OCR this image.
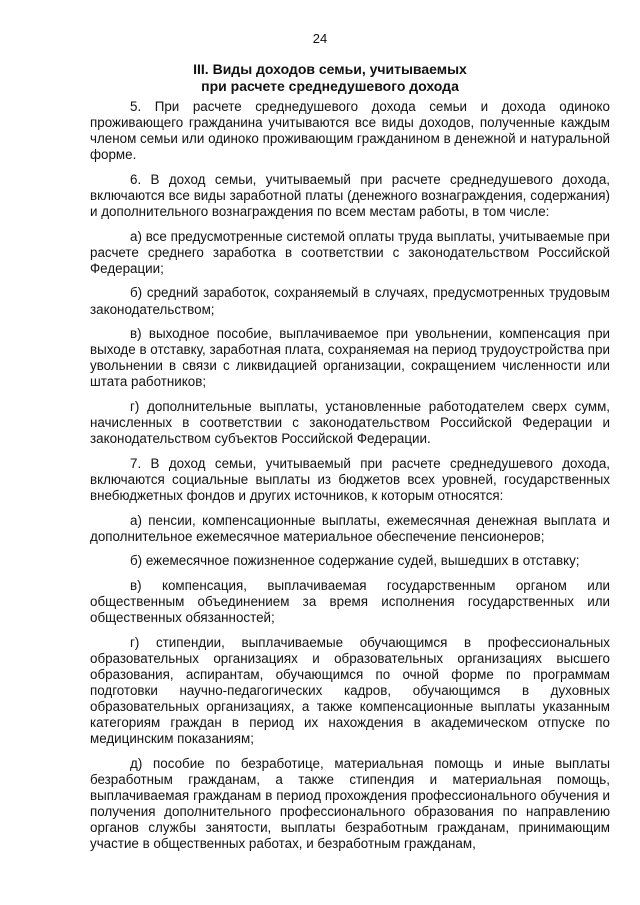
24
III. Виды доходов семьи, учитываемых
при расчете среднедушевого дохода

5. При расчете среднедушевого дохода семьи и дохода одиноко проживающего гражданина учитываются все виды доходов, полученные каждым членом семьи или одиноко проживающим гражданином в денежной и натуральной форме.

6. В доход семьи, учитываемый при расчете среднедушевого дохода, включаются все виды заработной платы (денежного вознаграждения, содержания) и дополнительного вознаграждения по всем местам работы, в том числе:

а) все предусмотренные системой оплаты труда выплаты, учитываемые при расчете среднего заработка в соответствии с законодательством Российской Федерации;

б) средний заработок, сохраняемый в случаях, предусмотренных трудовым законодательством;

в) выходное пособие, выплачиваемое при увольнении, компенсация при выходе в отставку, заработная плата, сохраняемая на период трудоустройства при увольнении в связи с ликвидацией организации, сокращением численности или штата работников;

г) дополнительные выплаты, установленные работодателем сверх сумм, начисленных в соответствии с законодательством Российской Федерации и законодательством субъектов Российской Федерации.

7. В доход семьи, учитываемый при расчете среднедушевого дохода, включаются социальные выплаты из бюджетов всех уровней, государственных внебюджетных фондов и других источников, к которым относятся:

а) пенсии, компенсационные выплаты, ежемесячная денежная выплата и дополнительное ежемесячное материальное обеспечение пенсионеров;

б) ежемесячное пожизненное содержание судей, вышедших в отставку;

в) компенсация, выплачиваемая государственным органом или общественным объединением за время исполнения государственных или общественных обязанностей;

г) стипендии, выплачиваемые обучающимся в профессиональных образовательных организациях и образовательных организациях высшего образования, аспирантам, обучающимся по очной форме по программам подготовки научно-педагогических кадров, обучающимся в духовных образовательных организациях, а также компенсационные выплаты указанным категориям граждан в период их нахождения в академическом отпуске по медицинским показаниям;

д) пособие по безработице, материальная помощь и иные выплаты безработным гражданам, а также стипендия и материальная помощь, выплачиваемая гражданам в период прохождения профессионального обучения и получения дополнительного профессионального образования по направлению органов службы занятости, выплаты безработным гражданам, принимающим участие в общественных работах, и безработным гражданам,
